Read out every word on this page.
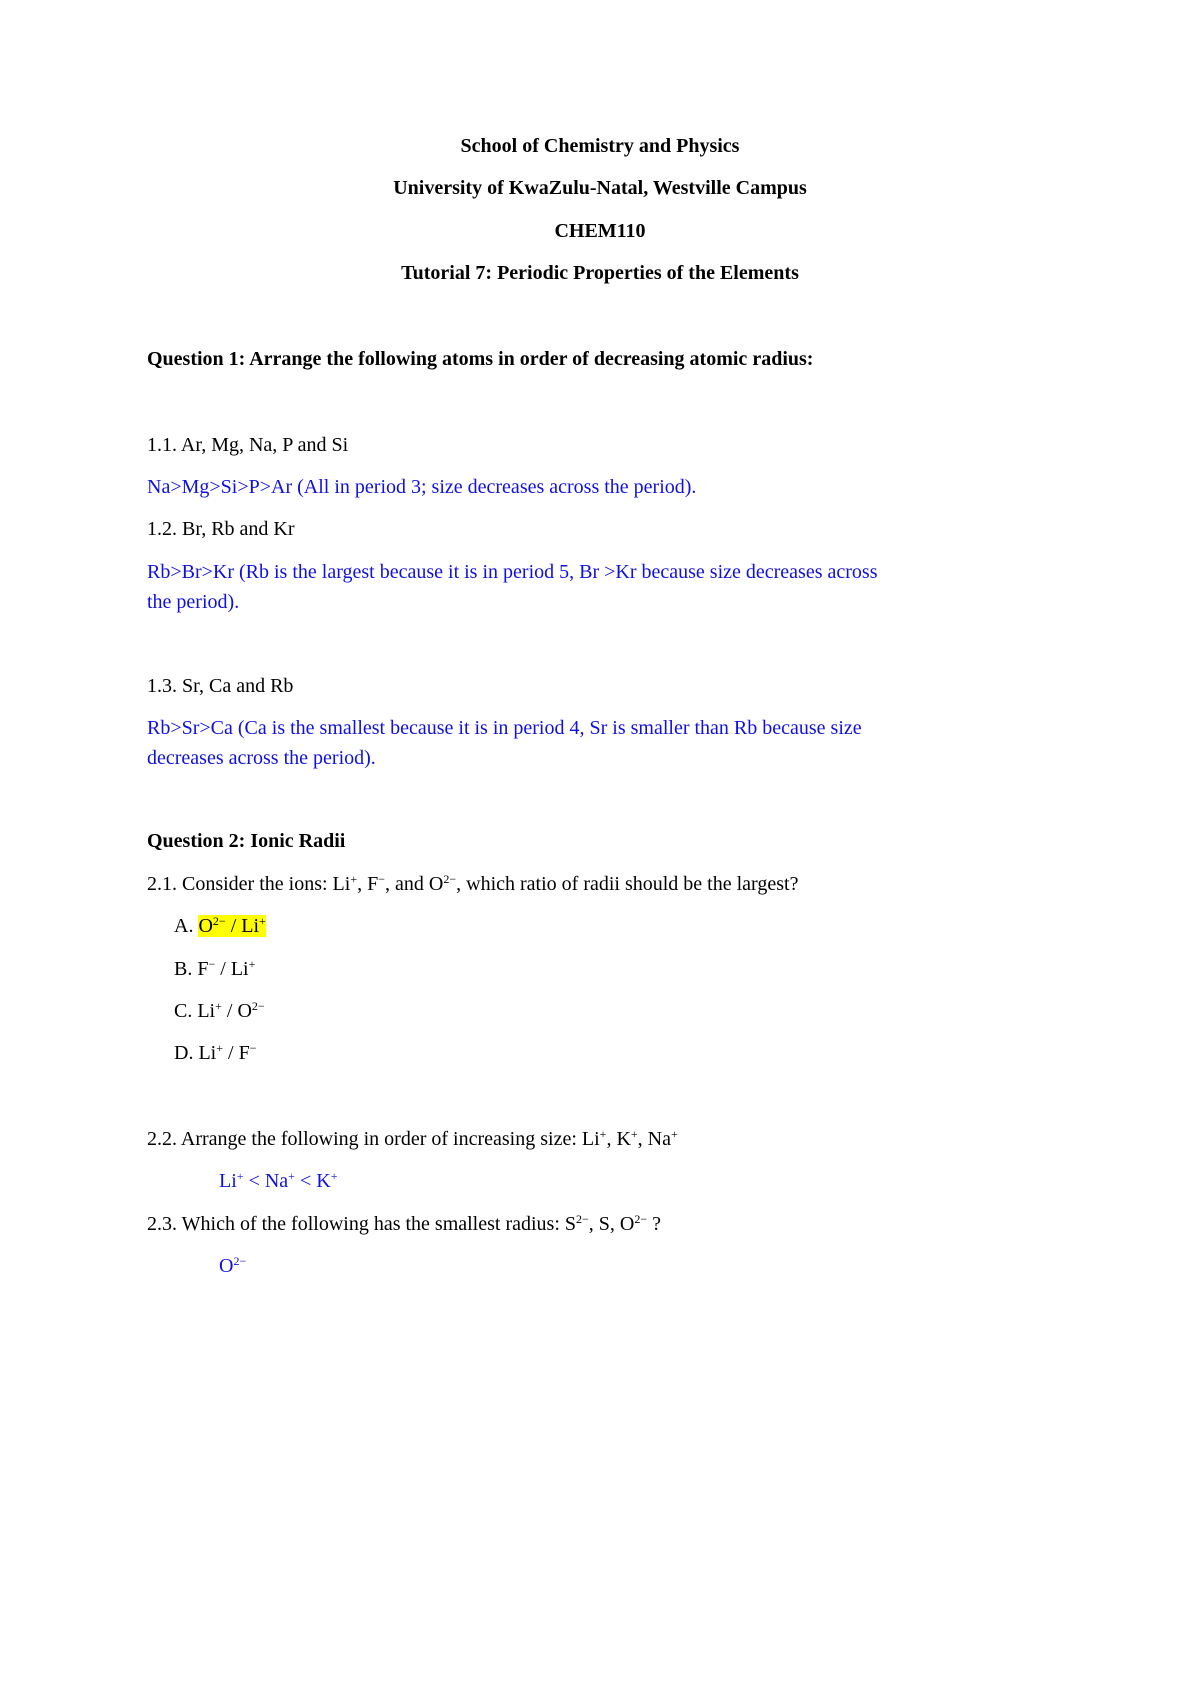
School of Chemistry and Physics
University of KwaZulu-Natal, Westville Campus
CHEM110
Tutorial 7: Periodic Properties of the Elements
Question 1: Arrange the following atoms in order of decreasing atomic radius:
1.1. Ar, Mg, Na, P and Si
Na>Mg>Si>P>Ar (All in period 3; size decreases across the period).
1.2. Br, Rb and Kr
Rb>Br>Kr (Rb is the largest because it is in period 5, Br >Kr because size decreases across
the period).
1.3. Sr, Ca and Rb
Rb>Sr>Ca (Ca is the smallest because it is in period 4, Sr is smaller than Rb because size
decreases across the period).
Question 2: Ionic Radii
2.1. Consider the ions: Li+, F−, and $O^{2-}$, which ratio of radii should be the largest?
A. $O^{2-} / Li^+$
B. F− / Li+
C. $Li^+ / O^{2-}$
D. Li+ / F−
2.2. Arrange the following in order of increasing size: Li+, K+, Na+
Li+ < Na+ < K+
2.3. Which of the following has the smallest radius: $S^{2-}$, S, $O^{2-}$ ?
$O^{2-}$
